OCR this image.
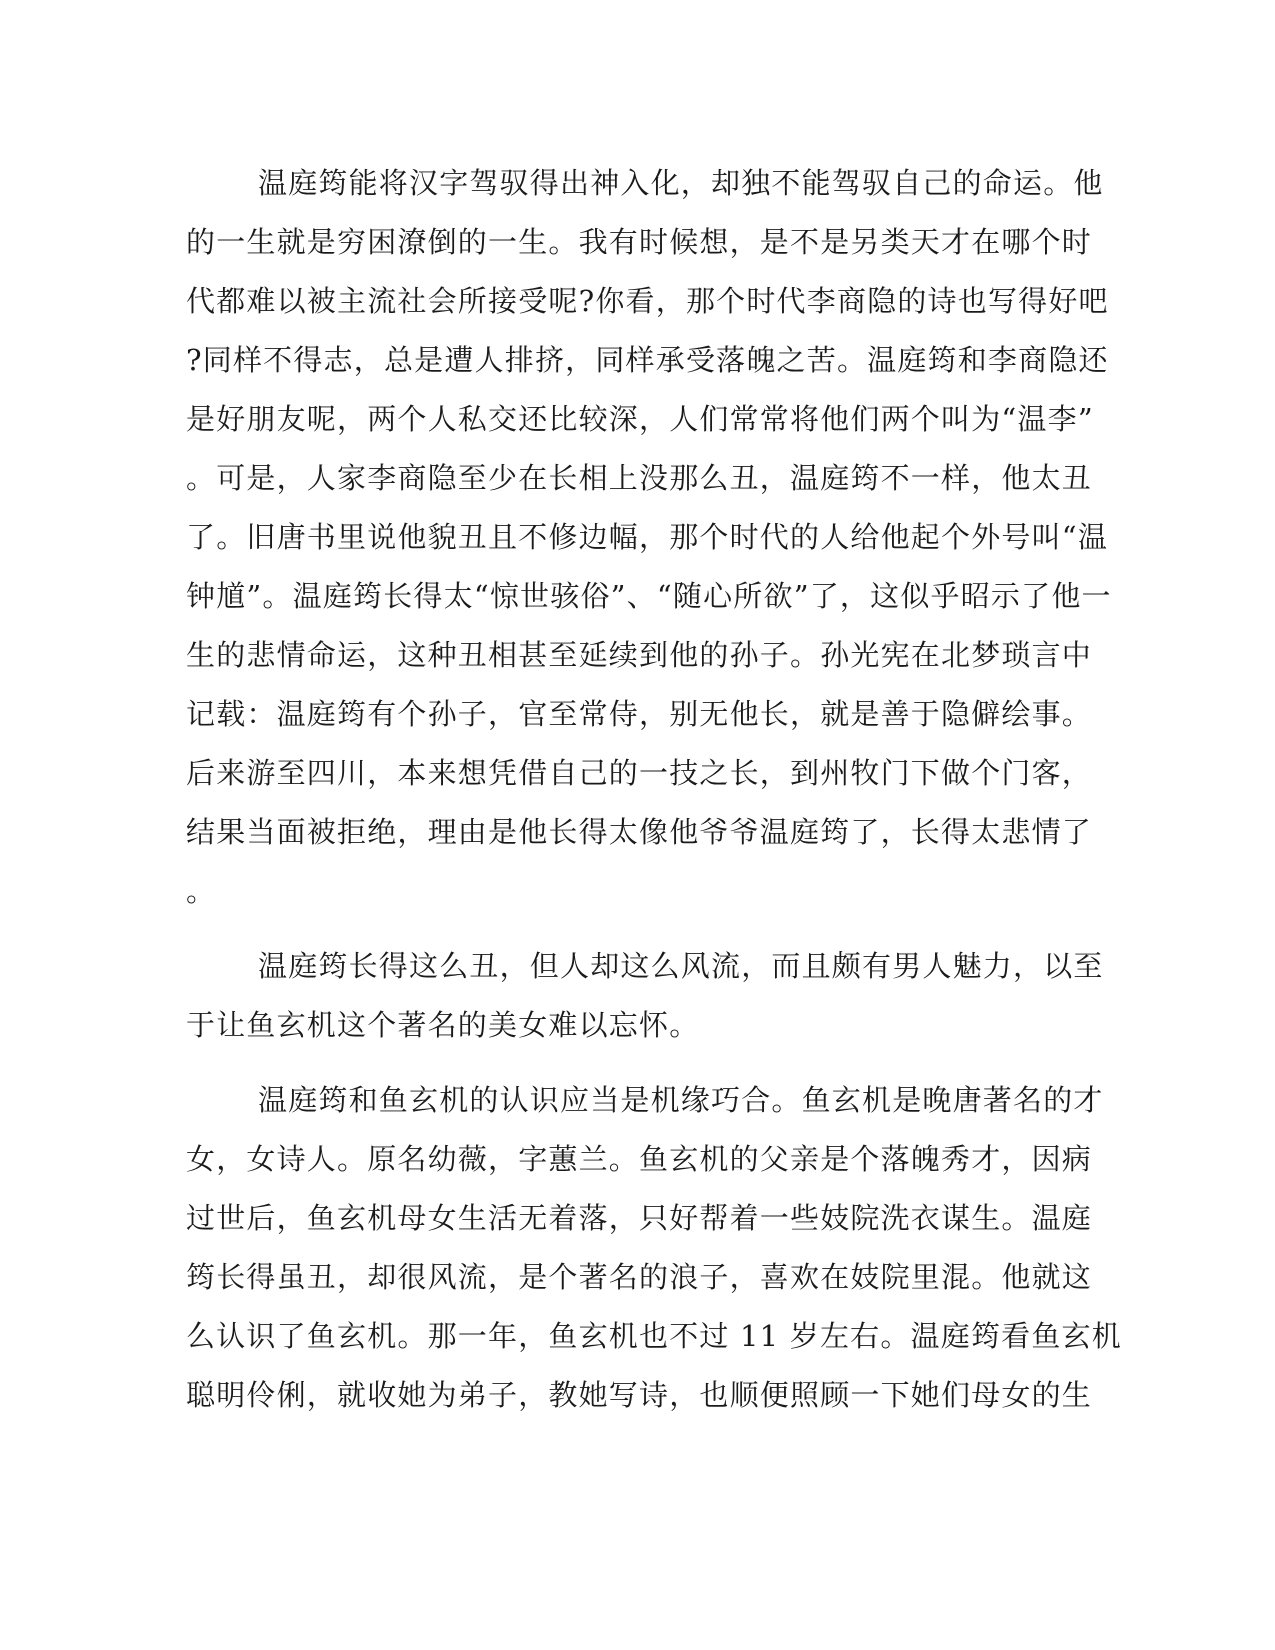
温庭筠能将汉字驾驭得出神入化，却独不能驾驭自己的命运。他
的一生就是穷困潦倒的一生。我有时候想，是不是另类天才在哪个时
代都难以被主流社会所接受呢?你看，那个时代李商隐的诗也写得好吧
?同样不得志，总是遭人排挤，同样承受落魄之苦。温庭筠和李商隐还
是好朋友呢，两个人私交还比较深，人们常常将他们两个叫为“温李”
。可是，人家李商隐至少在长相上没那么丑，温庭筠不一样，他太丑
了。旧唐书里说他貌丑且不修边幅，那个时代的人给他起个外号叫“温
钟馗”。温庭筠长得太“惊世骇俗”、“随心所欲”了，这似乎昭示了他一
生的悲情命运，这种丑相甚至延续到他的孙子。孙光宪在北梦琐言中
记载：温庭筠有个孙子，官至常侍，别无他长，就是善于隐僻绘事。
后来游至四川，本来想凭借自己的一技之长，到州牧门下做个门客，
结果当面被拒绝，理由是他长得太像他爷爷温庭筠了，长得太悲情了
。
温庭筠长得这么丑，但人却这么风流，而且颇有男人魅力，以至
于让鱼玄机这个著名的美女难以忘怀。
温庭筠和鱼玄机的认识应当是机缘巧合。鱼玄机是晚唐著名的才
女，女诗人。原名幼薇，字蕙兰。鱼玄机的父亲是个落魄秀才，因病
过世后，鱼玄机母女生活无着落，只好帮着一些妓院洗衣谋生。温庭
筠长得虽丑，却很风流，是个著名的浪子，喜欢在妓院里混。他就这
么认识了鱼玄机。那一年，鱼玄机也不过 11 岁左右。温庭筠看鱼玄机
聪明伶俐，就收她为弟子，教她写诗，也顺便照顾一下她们母女的生
